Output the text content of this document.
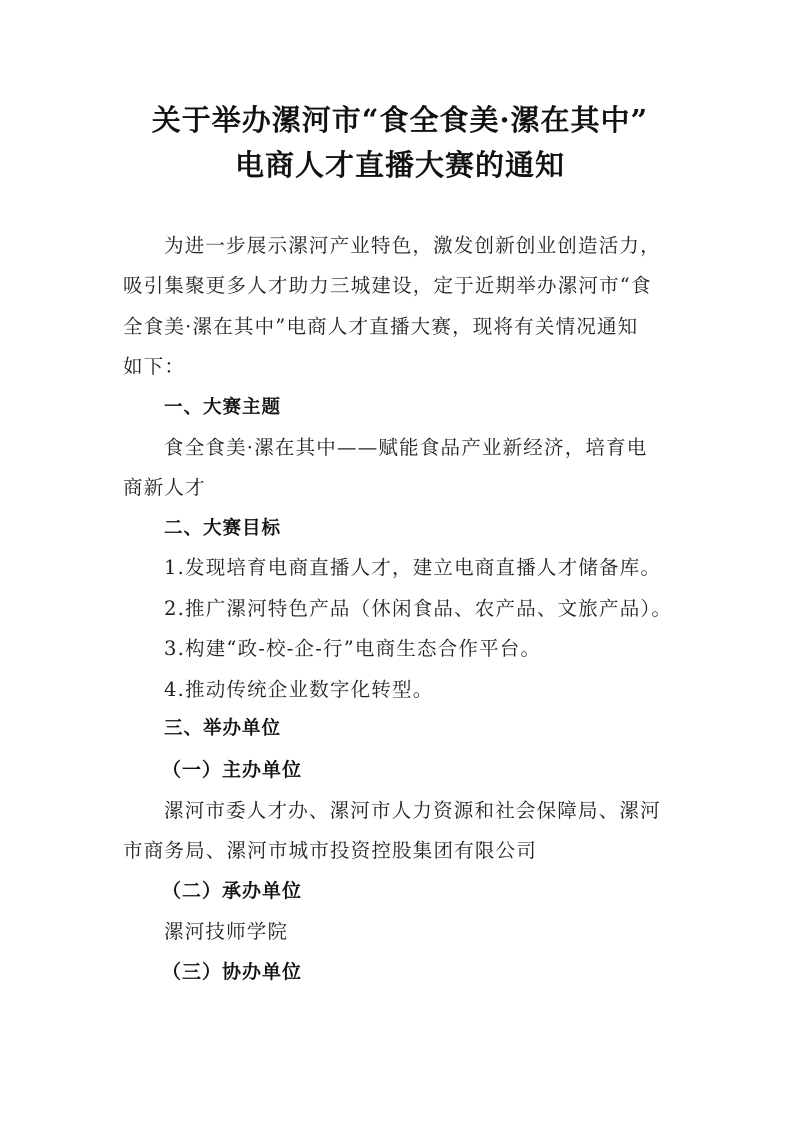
关于举办漯河市“食全食美·漯在其中”
电商人才直播大赛的通知
为进一步展示漯河产业特色，激发创新创业创造活力，
吸引集聚更多人才助力三城建设，定于近期举办漯河市“食
全食美·漯在其中”电商人才直播大赛，现将有关情况通知
如下：
一、大赛主题
食全食美·漯在其中——赋能食品产业新经济，培育电
商新人才
二、大赛目标
1.发现培育电商直播人才，建立电商直播人才储备库。
2.推广漯河特色产品（休闲食品、农产品、文旅产品）。
3.构建“政-校-企-行”电商生态合作平台。
4.推动传统企业数字化转型。
三、举办单位
（一）主办单位
漯河市委人才办、漯河市人力资源和社会保障局、漯河
市商务局、漯河市城市投资控股集团有限公司
（二）承办单位
漯河技师学院
（三）协办单位
